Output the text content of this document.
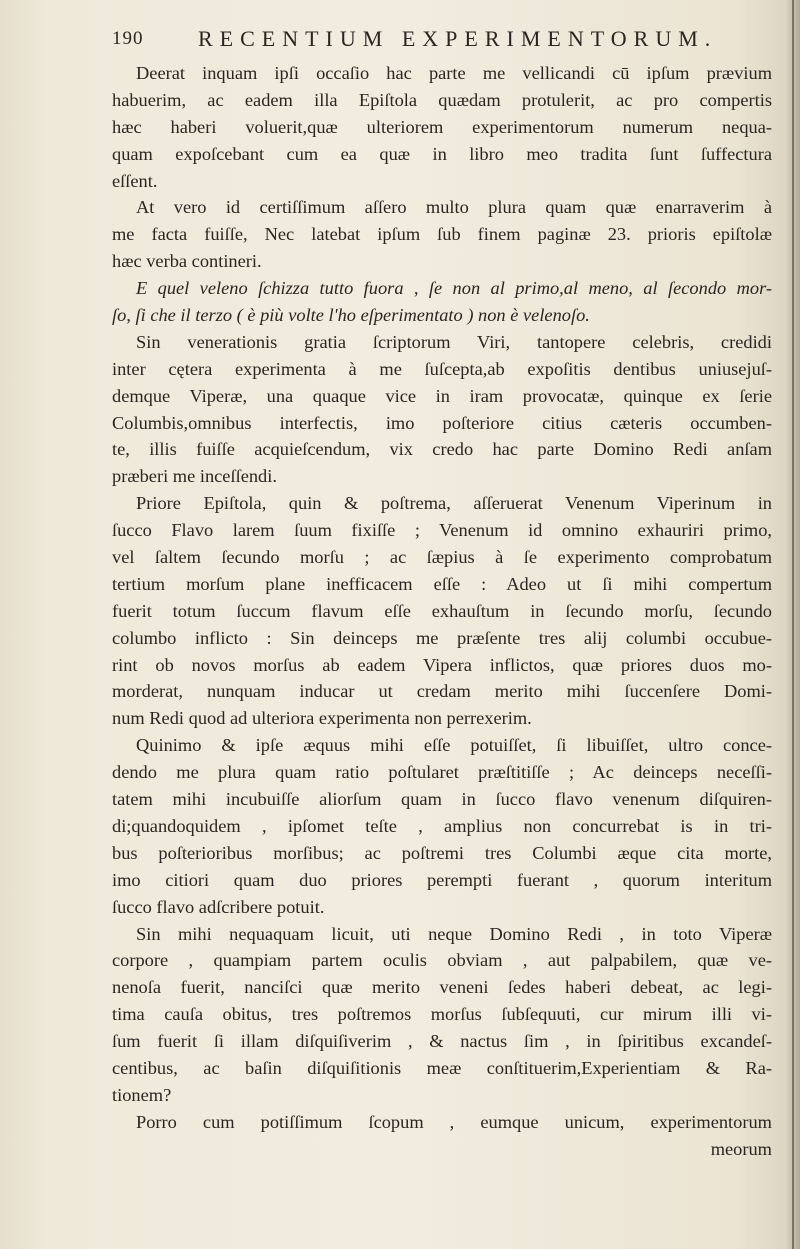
190 RECENTIUM EXPERIMENTORUM.
Deerat inquam ipſi occaſio hac parte me vellicandi cū ipſum prævium
habuerim, ac eadem illa Epiſtola quædam protulerit, ac pro compertis
hæc haberi voluerit,quæ ulteriorem experimentorum numerum nequa-
quam expoſcebant cum ea quæ in libro meo tradita ſunt ſuffectura
eſſent.
At vero id certiſſimum aſſero multo plura quam quæ enarraverim à
me facta fuiſſe, Nec latebat ipſum ſub finem paginæ 23. prioris epiſtolæ
hæc verba contineri.
E quel veleno ſchizza tutto fuora , ſe non al primo,al meno, al ſecondo mor-
ſo, ſi che il terzo ( è più volte l'ho eſperimentato ) non è velenoſo.
Sin venerationis gratia ſcriptorum Viri, tantopere celebris, credidi
inter cętera experimenta à me ſuſcepta,ab expoſitis dentibus uniusejuſ-
demque Viperæ, una quaque vice in iram provocatæ, quinque ex ſerie
Columbis,omnibus interfectis, imo poſteriore citius cæteris occumben-
te, illis fuiſſe acquieſcendum, vix credo hac parte Domino Redi anſam
præberi me inceſſendi.
Priore Epiſtola, quin & poſtrema, aſſeruerat Venenum Viperinum in
ſucco Flavo larem ſuum fixiſſe ; Venenum id omnino exhauriri primo,
vel ſaltem ſecundo morſu ; ac ſæpius à ſe experimento comprobatum
tertium morſum plane inefficacem eſſe : Adeo ut ſi mihi compertum
fuerit totum ſuccum flavum eſſe exhauſtum in ſecundo morſu, ſecundo
columbo inflicto : Sin deinceps me præſente tres alij columbi occubue-
rint ob novos morſus ab eadem Vipera inflictos, quæ priores duos mo-
morderat, nunquam inducar ut credam merito mihi ſuccenſere Domi-
num Redi quod ad ulteriora experimenta non perrexerim.
Quinimo & ipſe æquus mihi eſſe potuiſſet, ſi libuiſſet, ultro conce-
dendo me plura quam ratio poſtularet præſtitiſſe ; Ac deinceps neceſſi-
tatem mihi incubuiſſe aliorſum quam in ſucco flavo venenum diſquiren-
di;quandoquidem , ipſomet teſte , amplius non concurrebat is in tri-
bus poſterioribus morſibus; ac poſtremi tres Columbi æque cita morte,
imo citiori quam duo priores perempti fuerant , quorum interitum
ſucco flavo adſcribere potuit.
Sin mihi nequaquam licuit, uti neque Domino Redi , in toto Viperæ
corpore , quampiam partem oculis obviam , aut palpabilem, quæ ve-
nenoſa fuerit, nanciſci quæ merito veneni ſedes haberi debeat, ac legi-
tima cauſa obitus, tres poſtremos morſus ſubſequuti, cur mirum illi vi-
ſum fuerit ſi illam diſquiſiverim , & nactus ſim , in ſpiritibus excandeſ-
centibus, ac baſin diſquiſitionis meæ conſtituerim,Experientiam & Ra-
tionem?
Porro cum potiſſimum ſcopum , eumque unicum, experimentorum
meorum
